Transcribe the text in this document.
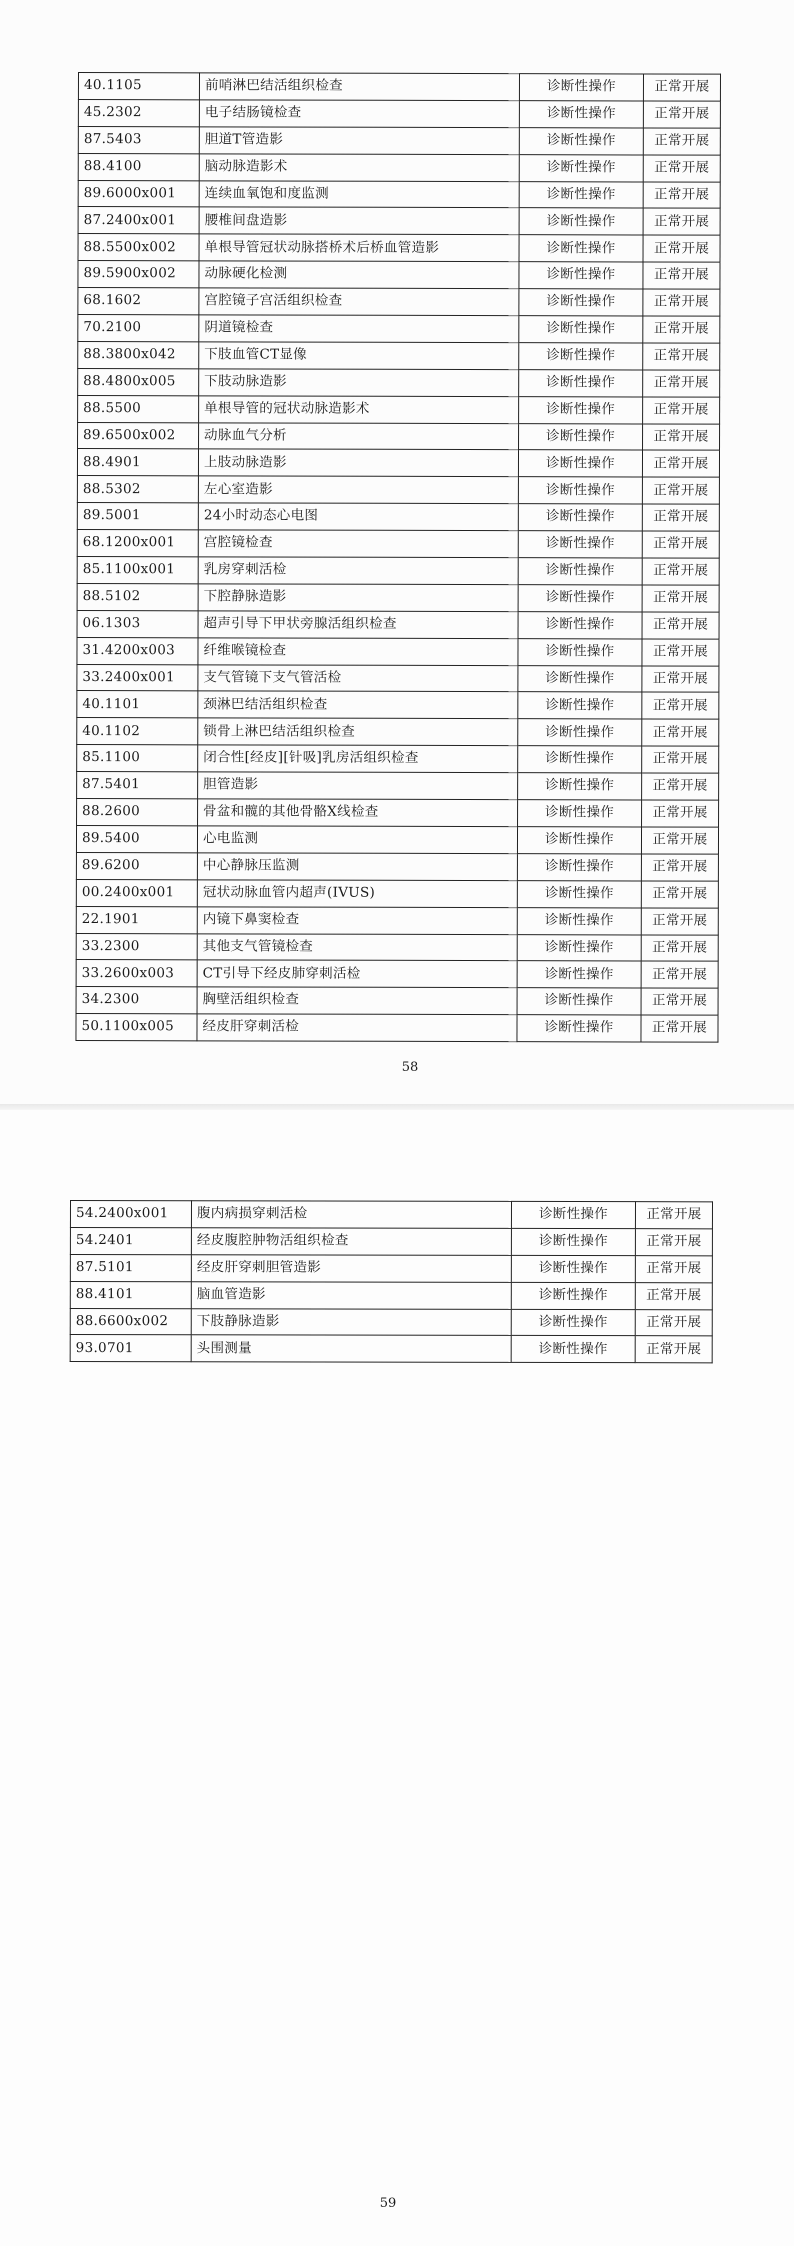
40.1105	前哨淋巴结活组织检查	诊断性操作	正常开展
45.2302	电子结肠镜检查	诊断性操作	正常开展
87.5403	胆道T管造影	诊断性操作	正常开展
88.4100	脑动脉造影术	诊断性操作	正常开展
89.6000x001	连续血氧饱和度监测	诊断性操作	正常开展
87.2400x001	腰椎间盘造影	诊断性操作	正常开展
88.5500x002	单根导管冠状动脉搭桥术后桥血管造影	诊断性操作	正常开展
89.5900x002	动脉硬化检测	诊断性操作	正常开展
68.1602	宫腔镜子宫活组织检查	诊断性操作	正常开展
70.2100	阴道镜检查	诊断性操作	正常开展
88.3800x042	下肢血管CT显像	诊断性操作	正常开展
88.4800x005	下肢动脉造影	诊断性操作	正常开展
88.5500	单根导管的冠状动脉造影术	诊断性操作	正常开展
89.6500x002	动脉血气分析	诊断性操作	正常开展
88.4901	上肢动脉造影	诊断性操作	正常开展
88.5302	左心室造影	诊断性操作	正常开展
89.5001	24小时动态心电图	诊断性操作	正常开展
68.1200x001	宫腔镜检查	诊断性操作	正常开展
85.1100x001	乳房穿刺活检	诊断性操作	正常开展
88.5102	下腔静脉造影	诊断性操作	正常开展
06.1303	超声引导下甲状旁腺活组织检查	诊断性操作	正常开展
31.4200x003	纤维喉镜检查	诊断性操作	正常开展
33.2400x001	支气管镜下支气管活检	诊断性操作	正常开展
40.1101	颈淋巴结活组织检查	诊断性操作	正常开展
40.1102	锁骨上淋巴结活组织检查	诊断性操作	正常开展
85.1100	闭合性[经皮][针吸]乳房活组织检查	诊断性操作	正常开展
87.5401	胆管造影	诊断性操作	正常开展
88.2600	骨盆和髋的其他骨骼X线检查	诊断性操作	正常开展
89.5400	心电监测	诊断性操作	正常开展
89.6200	中心静脉压监测	诊断性操作	正常开展
00.2400x001	冠状动脉血管内超声(IVUS)	诊断性操作	正常开展
22.1901	内镜下鼻窦检查	诊断性操作	正常开展
33.2300	其他支气管镜检查	诊断性操作	正常开展
33.2600x003	CT引导下经皮肺穿刺活检	诊断性操作	正常开展
34.2300	胸壁活组织检查	诊断性操作	正常开展
50.1100x005	经皮肝穿刺活检	诊断性操作	正常开展
58
54.2400x001	腹内病损穿刺活检	诊断性操作	正常开展
54.2401	经皮腹腔肿物活组织检查	诊断性操作	正常开展
87.5101	经皮肝穿刺胆管造影	诊断性操作	正常开展
88.4101	脑血管造影	诊断性操作	正常开展
88.6600x002	下肢静脉造影	诊断性操作	正常开展
93.0701	头围测量	诊断性操作	正常开展
59
